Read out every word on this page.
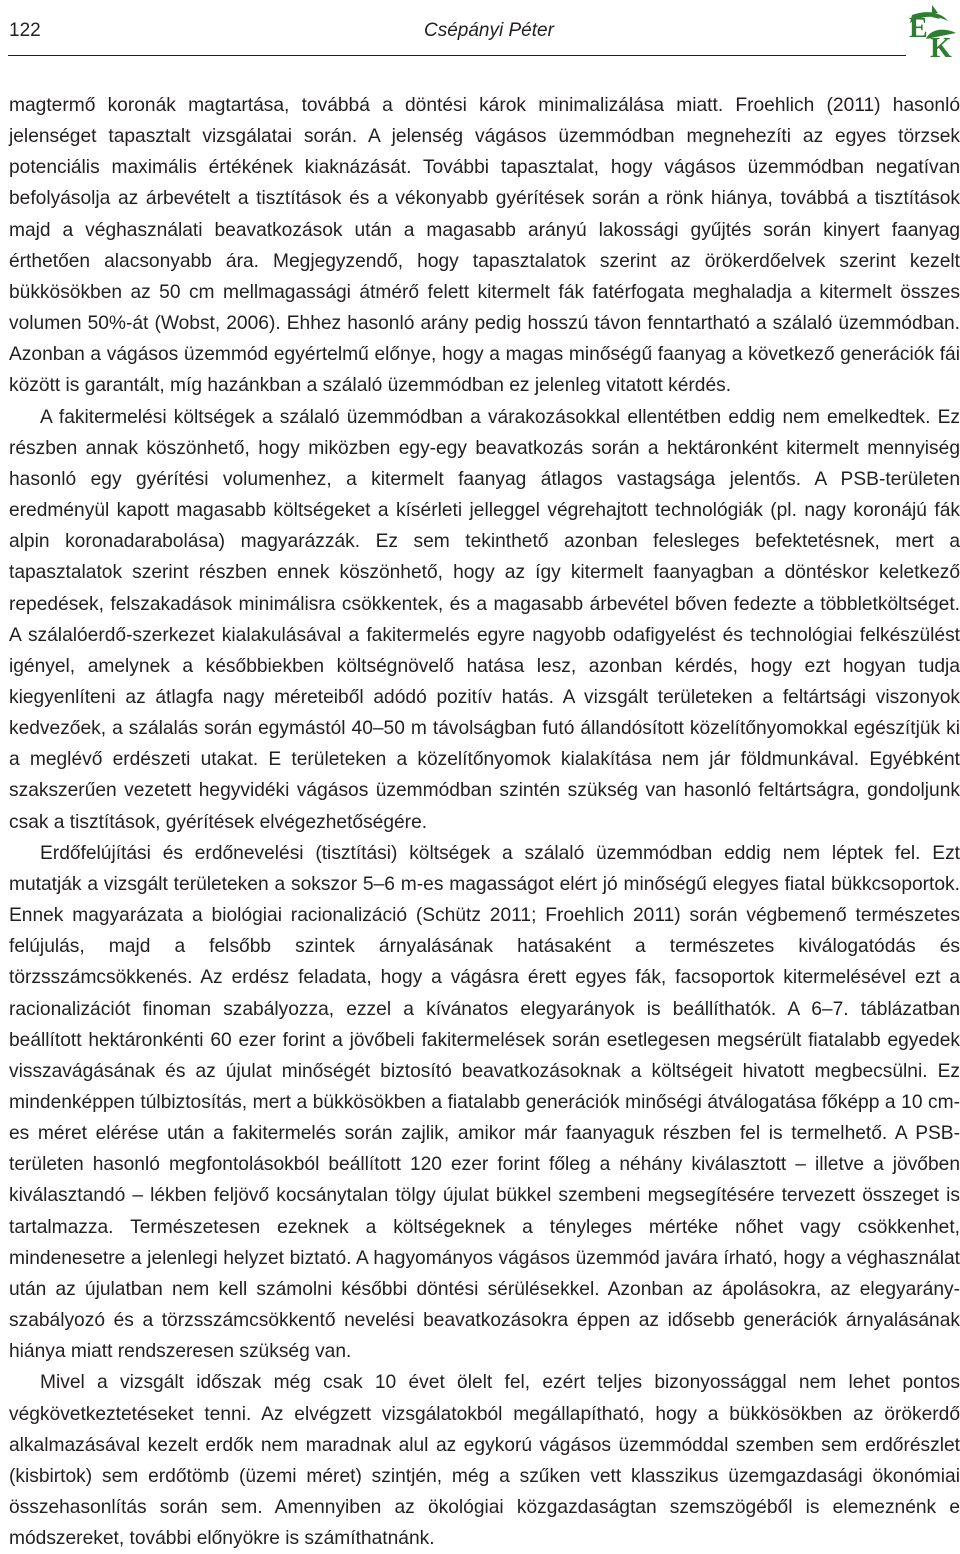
122	Csépányi Péter	E
K

magtermő koronák magtartása, továbbá a döntési károk minimalizálása miatt. Froehlich (2011) hasonló jelenséget tapasztalt vizsgálatai során. A jelenség vágásos üzemmódban megnehezíti az egyes törzsek potenciális maximális értékének kiaknázását. További tapasztalat, hogy vágásos üzemmódban negatívan befolyásolja az árbevételt a tisztítások és a vékonyabb gyérítések során a rönk hiánya, továbbá a tisztítások majd a véghasználati beavatkozások után a magasabb arányú lakossági gyűjtés során kinyert faanyag érthetően alacsonyabb ára. Megjegyzendő, hogy tapasztalatok szerint az örökerdőelvek szerint kezelt bükkösökben az 50 cm mellmagassági átmérő felett kitermelt fák fatérfogata meghaladja a kitermelt összes volumen 50%-át (Wobst, 2006). Ehhez hasonló arány pedig hosszú távon fenntartható a szálaló üzemmódban. Azonban a vágásos üzemmód egyértelmű előnye, hogy a magas minőségű faanyag a következő generációk fái között is garantált, míg hazánkban a szálaló üzemmódban ez jelenleg vitatott kérdés.

A fakitermelési költségek a szálaló üzemmódban a várakozásokkal ellentétben eddig nem emelkedtek. Ez részben annak köszönhető, hogy miközben egy-egy beavatkozás során a hektáronként kitermelt mennyiség hasonló egy gyérítési volumenhez, a kitermelt faanyag átlagos vastagsága jelentős. A PSB-területen eredményül kapott magasabb költségeket a kísérleti jelleggel végrehajtott technológiák (pl. nagy koronájú fák alpin koronadarabolása) magyarázzák. Ez sem tekinthető azonban felesleges befektetésnek, mert a tapasztalatok szerint részben ennek köszönhető, hogy az így kitermelt faanyagban a döntéskor keletkező repedések, felszakadások minimálisra csökkentek, és a magasabb árbevétel bőven fedezte a többletköltséget. A szálalóerdő-szerkezet kialakulásával a fakitermelés egyre nagyobb odafigyelést és technológiai felkészülést igényel, amelynek a későbbiekben költségnövelő hatása lesz, azonban kérdés, hogy ezt hogyan tudja kiegyenlíteni az átlagfa nagy méreteiből adódó pozitív hatás. A vizsgált területeken a feltártsági viszonyok kedvezőek, a szálalás során egymástól 40–50 m távolságban futó állandósított közelítőnyomokkal egészítjük ki a meglévő erdészeti utakat. E területeken a közelítőnyomok kialakítása nem jár földmunkával. Egyébként szakszerűen vezetett hegyvidéki vágásos üzemmódban szintén szükség van hasonló feltártságra, gondoljunk csak a tisztítások, gyérítések elvégezhetőségére.

Erdőfelújítási és erdőnevelési (tisztítási) költségek a szálaló üzemmódban eddig nem léptek fel. Ezt mutatják a vizsgált területeken a sokszor 5–6 m-es magasságot elért jó minőségű elegyes fiatal bükkcsoportok. Ennek magyarázata a biológiai racionalizáció (Schütz 2011; Froehlich 2011) során végbemenő természetes felújulás, majd a felsőbb szintek árnyalásának hatásaként a természetes kiválogatódás és törzsszámcsökkenés. Az erdész feladata, hogy a vágásra érett egyes fák, facsoportok kitermelésével ezt a racionalizációt finoman szabályozza, ezzel a kívánatos elegyarányok is beállíthatók. A 6–7. táblázatban beállított hektáronkénti 60 ezer forint a jövőbeli fakitermelések során esetlegesen megsérült fiatalabb egyedek visszavágásának és az újulat minőségét biztosító beavatkozásoknak a költségeit hivatott megbecsülni. Ez mindenképpen túlbiztosítás, mert a bükkösökben a fiatalabb generációk minőségi átválogatása főképp a 10 cm-es méret elérése után a fakitermelés során zajlik, amikor már faanyaguk részben fel is termelhető. A PSB-területen hasonló megfontolásokból beállított 120 ezer forint főleg a néhány kiválasztott – illetve a jövőben kiválasztandó – lékben feljövő kocsánytalan tölgy újulat bükkel szembeni megsegítésére tervezett összeget is tartalmazza. Természetesen ezeknek a költségeknek a tényleges mértéke nőhet vagy csökkenhet, mindenesetre a jelenlegi helyzet biztató. A hagyományos vágásos üzemmód javára írható, hogy a véghasználat után az újulatban nem kell számolni későbbi döntési sérülésekkel. Azonban az ápolásokra, az elegyarány-szabályozó és a törzsszámcsökkentő nevelési beavatkozásokra éppen az idősebb generációk árnyalásának hiánya miatt rendszeresen szükség van.

Mivel a vizsgált időszak még csak 10 évet ölelt fel, ezért teljes bizonyossággal nem lehet pontos végkövetkeztetéseket tenni. Az elvégzett vizsgálatokból megállapítható, hogy a bükkösökben az örökerdő alkalmazásával kezelt erdők nem maradnak alul az egykorú vágásos üzemmóddal szemben sem erdőrészlet (kisbirtok) sem erdőtömb (üzemi méret) szintjén, még a szűken vett klasszikus üzemgazdasági ökonómiai összehasonlítás során sem. Amennyiben az ökológiai közgazdaságtan szemszögéből is elemeznénk e módszereket, további előnyökre is számíthatnánk.
